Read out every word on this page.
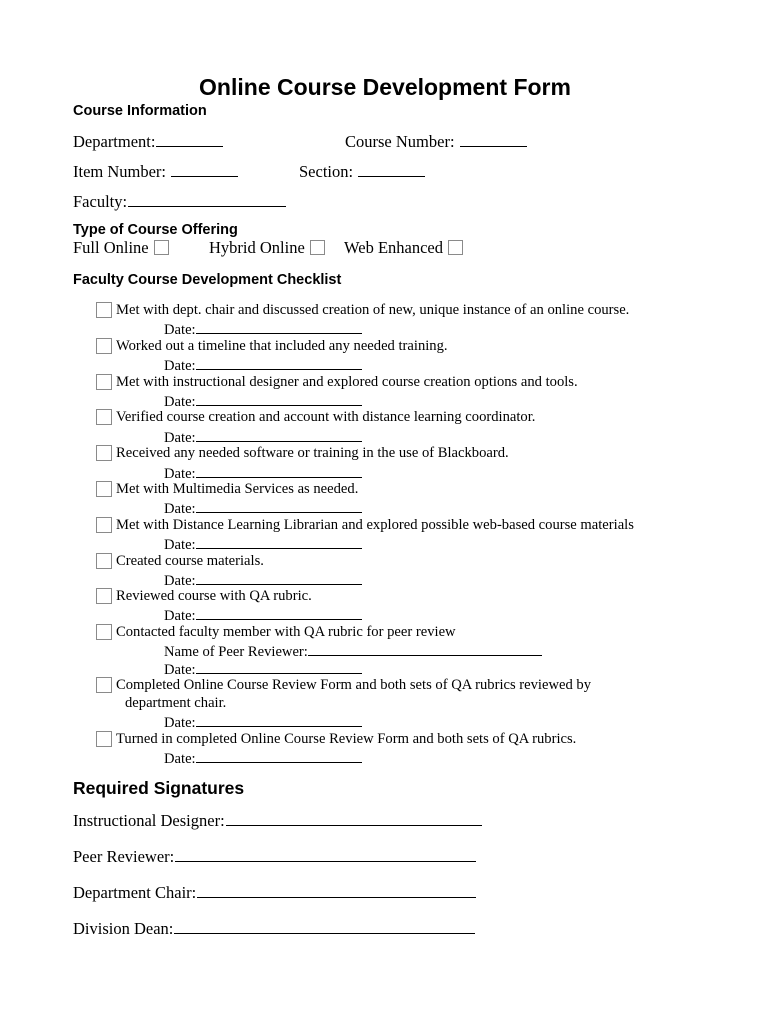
Online Course Development Form
Course Information
Department:	Course Number:
Item Number:	Section:
Faculty:
Type of Course Offering
Full Online	Hybrid Online	Web Enhanced
Faculty Course Development Checklist
Met with dept. chair and discussed creation of new, unique instance of an online course.
Date:
Worked out a timeline that included any needed training.
Date:
Met with instructional designer and explored course creation options and tools.
Date:
Verified course creation and account with distance learning coordinator.
Date:
Received any needed software or training in the use of Blackboard.
Date:
Met with Multimedia Services as needed.
Date:
Met with Distance Learning Librarian and explored possible web-based course materials
Date:
Created course materials.
Date:
Reviewed course with QA rubric.
Date:
Contacted faculty member with QA rubric for peer review
Name of Peer Reviewer:
Date:
Completed Online Course Review Form and both sets of QA rubrics reviewed by
department chair.
Date:
Turned in completed Online Course Review Form and both sets of QA rubrics.
Date:
Required Signatures
Instructional Designer:
Peer Reviewer:
Department Chair:
Division Dean:
